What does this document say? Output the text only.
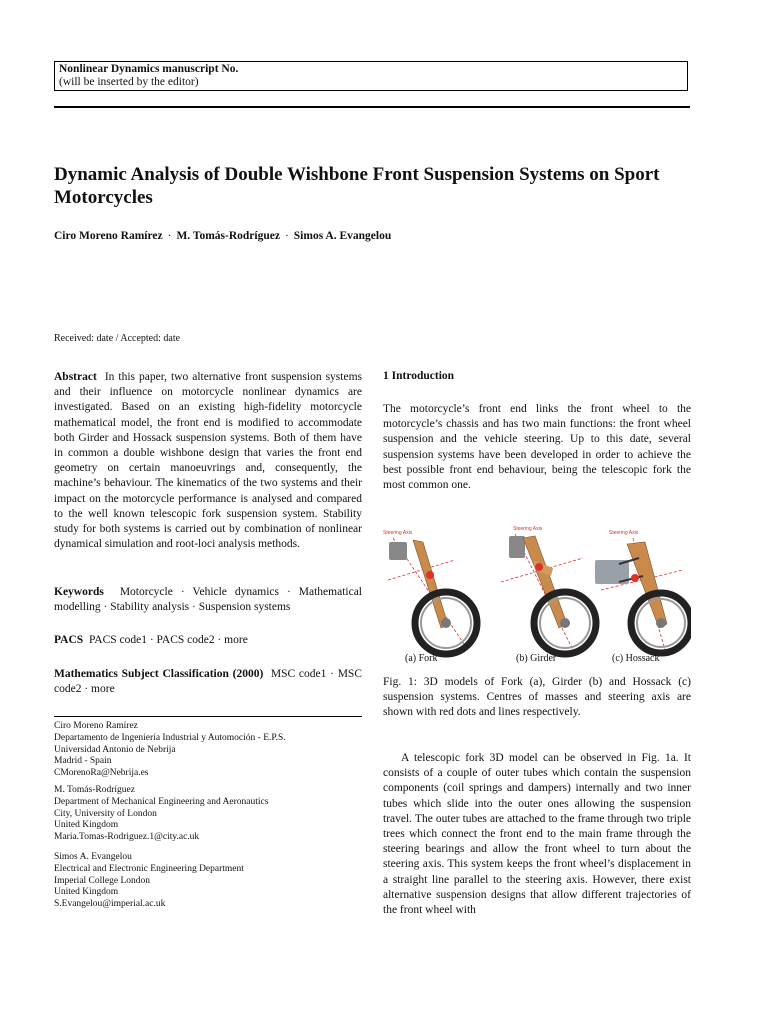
Nonlinear Dynamics manuscript No.
(will be inserted by the editor)
Dynamic Analysis of Double Wishbone Front Suspension Systems on Sport Motorcycles
Ciro Moreno Ramírez · M. Tomás-Rodríguez · Simos A. Evangelou
Received: date / Accepted: date
Abstract In this paper, two alternative front suspension systems and their influence on motorcycle nonlinear dynamics are investigated. Based on an existing high-fidelity motorcycle mathematical model, the front end is modified to accommodate both Girder and Hossack suspension systems. Both of them have in common a double wishbone design that varies the front end geometry on certain manoeuvrings and, consequently, the machine’s behaviour. The kinematics of the two systems and their impact on the motorcycle performance is analysed and compared to the well known telescopic fork suspension system. Stability study for both systems is carried out by combination of nonlinear dynamical simulation and root-loci analysis methods.
Keywords Motorcycle · Vehicle dynamics · Mathematical modelling · Stability analysis · Suspension systems
PACS PACS code1 · PACS code2 · more
Mathematics Subject Classification (2000) MSC code1 · MSC code2 · more
Ciro Moreno Ramírez
Departamento de Ingeniería Industrial y Automoción - E.P.S.
Universidad Antonio de Nebrija
Madrid - Spain
CMorenoRa@Nebrija.es
M. Tomás-Rodríguez
Department of Mechanical Engineering and Aeronautics
City, University of London
United Kingdom
Maria.Tomas-Rodriguez.1@city.ac.uk
Simos A. Evangelou
Electrical and Electronic Engineering Department
Imperial College London
United Kingdom
S.Evangelou@imperial.ac.uk
1 Introduction
The motorcycle’s front end links the front wheel to the motorcycle’s chassis and has two main functions: the front wheel suspension and the vehicle steering. Up to this date, several suspension systems have been developed in order to achieve the best possible front end behaviour, being the telescopic fork the most common one.
Steering Axis
Steering Axis
Steering Axis
(a) Fork	(b) Girder	(c) Hossack
Fig. 1: 3D models of Fork (a), Girder (b) and Hossack (c) suspension systems. Centres of masses and steering axis are shown with red dots and lines respectively.
A telescopic fork 3D model can be observed in Fig. 1a. It consists of a couple of outer tubes which contain the suspension components (coil springs and dampers) internally and two inner tubes which slide into the outer ones allowing the suspension travel. The outer tubes are attached to the frame through two triple trees which connect the front end to the main frame through the steering bearings and allow the front wheel to turn about the steering axis. This system keeps the front wheel’s displacement in a straight line parallel to the steering axis. However, there exist alternative suspension designs that allow different trajectories of the front wheel with
